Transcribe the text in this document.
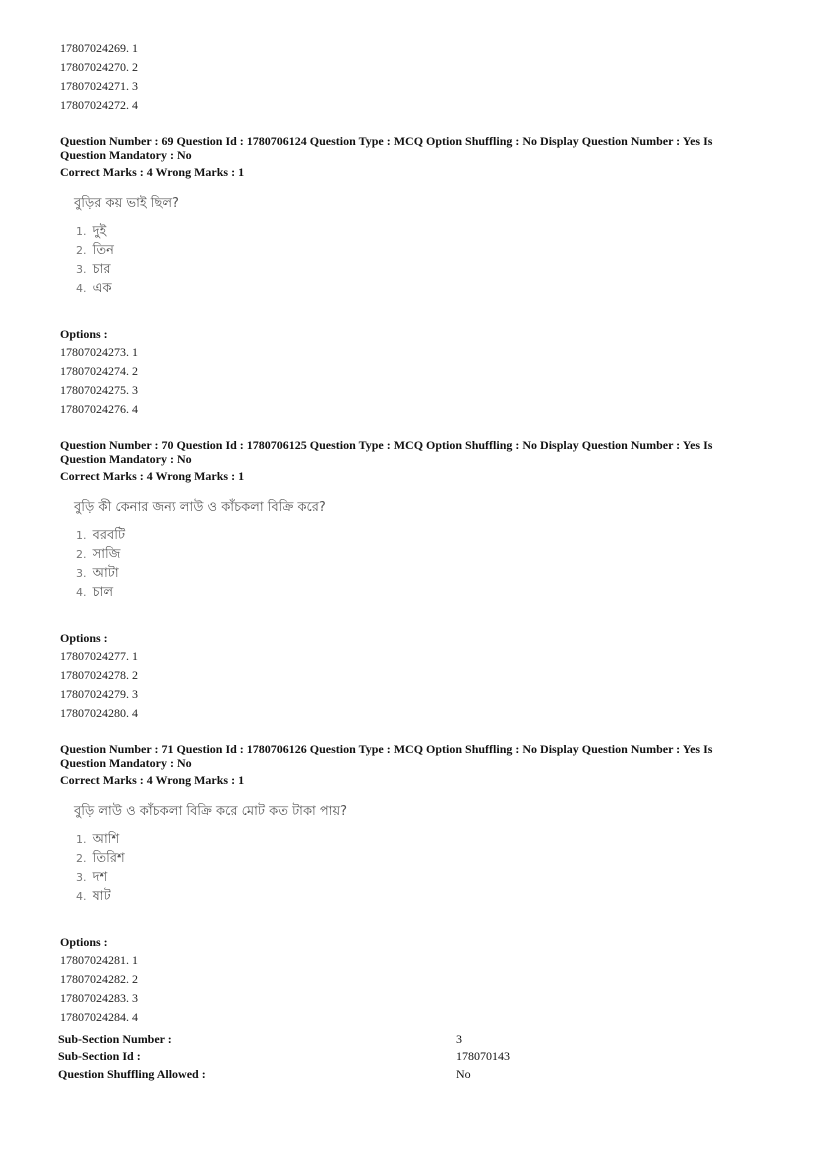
17807024269. 1
17807024270. 2
17807024271. 3
17807024272. 4
Question Number : 69 Question Id : 1780706124 Question Type : MCQ Option Shuffling : No Display Question Number : Yes Is Question Mandatory : No
Correct Marks : 4 Wrong Marks : 1
বুড়ির কয় ভাই ছিল?
1. দুই
2. তিন
3. চার
4. এক
Options :
17807024273. 1
17807024274. 2
17807024275. 3
17807024276. 4
Question Number : 70 Question Id : 1780706125 Question Type : MCQ Option Shuffling : No Display Question Number : Yes Is Question Mandatory : No
Correct Marks : 4 Wrong Marks : 1
বুড়ি কী কেনার জন্য লাউ ও কাঁচকলা বিক্রি করে?
1. বরবটি
2. সাজি
3. আটা
4. চাল
Options :
17807024277. 1
17807024278. 2
17807024279. 3
17807024280. 4
Question Number : 71 Question Id : 1780706126 Question Type : MCQ Option Shuffling : No Display Question Number : Yes Is Question Mandatory : No
Correct Marks : 4 Wrong Marks : 1
বুড়ি লাউ ও কাঁচকলা বিক্রি করে মোট কত টাকা পায়?
1. আশি
2. তিরিশ
3. দশ
4. ষাট
Options :
17807024281. 1
17807024282. 2
17807024283. 3
17807024284. 4
Sub-Section Number :	3
Sub-Section Id :	178070143
Question Shuffling Allowed :	No
